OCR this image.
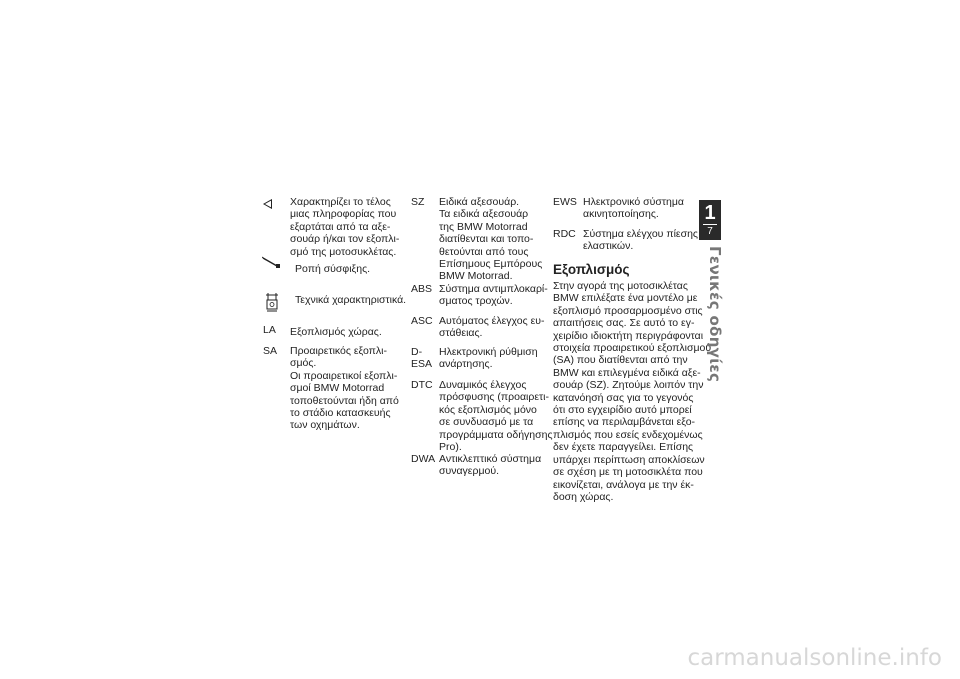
Χαρακτηρίζει το τέλος
μιας πληροφορίας που
εξαρτάται από τα αξε-
σουάρ ή/και τον εξοπλι-
σμό της μοτοσυκλέτας.
Ροπή σύσφιξης.
Τεχνικά χαρακτηριστικά.
LA Εξοπλισμός χώρας.
SA Προαιρετικός εξοπλι-
σμός.
Οι προαιρετικοί εξοπλι-
σμοί BMW Motorrad
τοποθετούνται ήδη από
το στάδιο κατασκευής
των οχημάτων.
SZ Ειδικά αξεσουάρ.
Τα ειδικά αξεσουάρ
της BMW Motorrad
διατίθενται και τοπο-
θετούνται από τους
Επίσημους Εμπόρους
BMW Motorrad.
ABS Σύστημα αντιμπλοκαρί-
σματος τροχών.
ASC Αυτόματος έλεγχος ευ-
στάθειας.
D-
ESA
Ηλεκτρονική ρύθμιση
ανάρτησης.
DTC Δυναμικός έλεγχος
πρόσφυσης (προαιρετι-
κός εξοπλισμός μόνο
σε συνδυασμό με τα
προγράμματα οδήγησης
Pro).
DWA Αντικλεπτικό σύστημα
συναγερμού.
EWS Ηλεκτρονικό σύστημα
ακινητοποίησης.
RDC Σύστημα ελέγχου πίεσης
ελαστικών.
Εξοπλισμός
Στην αγορά της μοτοσικλέτας
BMW επιλέξατε ένα μοντέλο με
εξοπλισμό προσαρμοσμένο στις
απαιτήσεις σας. Σε αυτό το εγ-
χειρίδιο ιδιοκτήτη περιγράφονται
στοιχεία προαιρετικού εξοπλισμού
(SA) που διατίθενται από την
BMW και επιλεγμένα ειδικά αξε-
σουάρ (SZ). Ζητούμε λοιπόν την
κατανόησή σας για το γεγονός
ότι στο εγχειρίδιο αυτό μπορεί
επίσης να περιλαμβάνεται εξο-
πλισμός που εσείς ενδεχομένως
δεν έχετε παραγγείλει. Επίσης
υπάρχει περίπτωση αποκλίσεων
σε σχέση με τη μοτοσικλέτα που
εικονίζεται, ανάλογα με την έκ-
δοση χώρας.
1
7
Γενικές οδηγίες
carmanualsonline.info
